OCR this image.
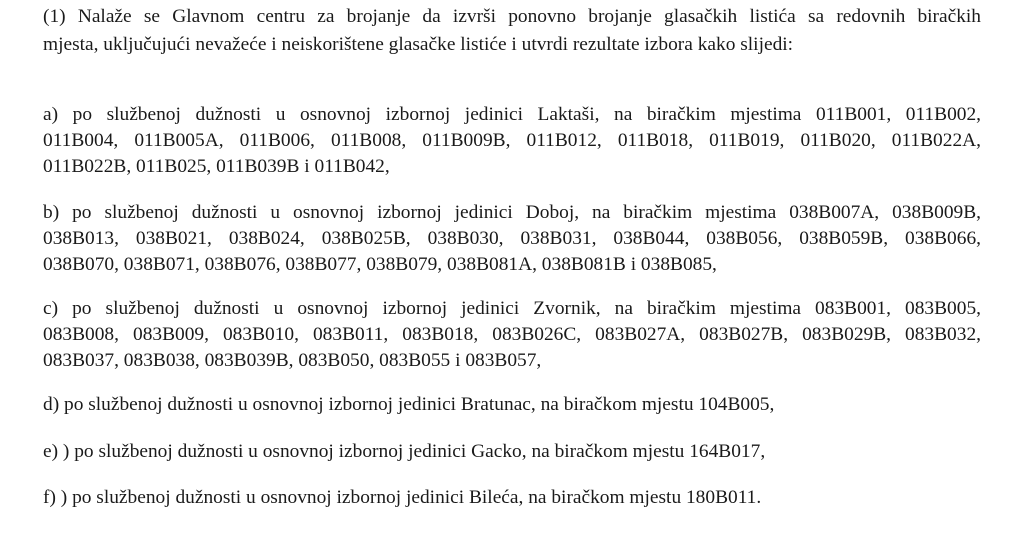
(1) Nalaže se Glavnom centru za brojanje da izvrši ponovno brojanje glasačkih listića sa redovnih biračkih
mjesta, uključujući nevažeće i neiskorištene glasačke listiće i utvrdi rezultate izbora kako slijedi:
a) po službenoj dužnosti u osnovnoj izbornoj jedinici Laktaši, na biračkim mjestima 011B001, 011B002,
011B004, 011B005A, 011B006, 011B008, 011B009B, 011B012, 011B018, 011B019, 011B020, 011B022A,
011B022B, 011B025, 011B039B i 011B042,
b) po službenoj dužnosti u osnovnoj izbornoj jedinici Doboj, na biračkim mjestima 038B007A, 038B009B,
038B013, 038B021, 038B024, 038B025B, 038B030, 038B031, 038B044, 038B056, 038B059B, 038B066,
038B070, 038B071, 038B076, 038B077, 038B079, 038B081A, 038B081B i 038B085,
c) po službenoj dužnosti u osnovnoj izbornoj jedinici Zvornik, na biračkim mjestima 083B001, 083B005,
083B008, 083B009, 083B010, 083B011, 083B018, 083B026C, 083B027A, 083B027B, 083B029B, 083B032,
083B037, 083B038, 083B039B, 083B050, 083B055 i 083B057,
d) po službenoj dužnosti u osnovnoj izbornoj jedinici Bratunac, na biračkom mjestu 104B005,
e) ) po službenoj dužnosti u osnovnoj izbornoj jedinici Gacko, na biračkom mjestu 164B017,
f) ) po službenoj dužnosti u osnovnoj izbornoj jedinici Bileća, na biračkom mjestu 180B011.
